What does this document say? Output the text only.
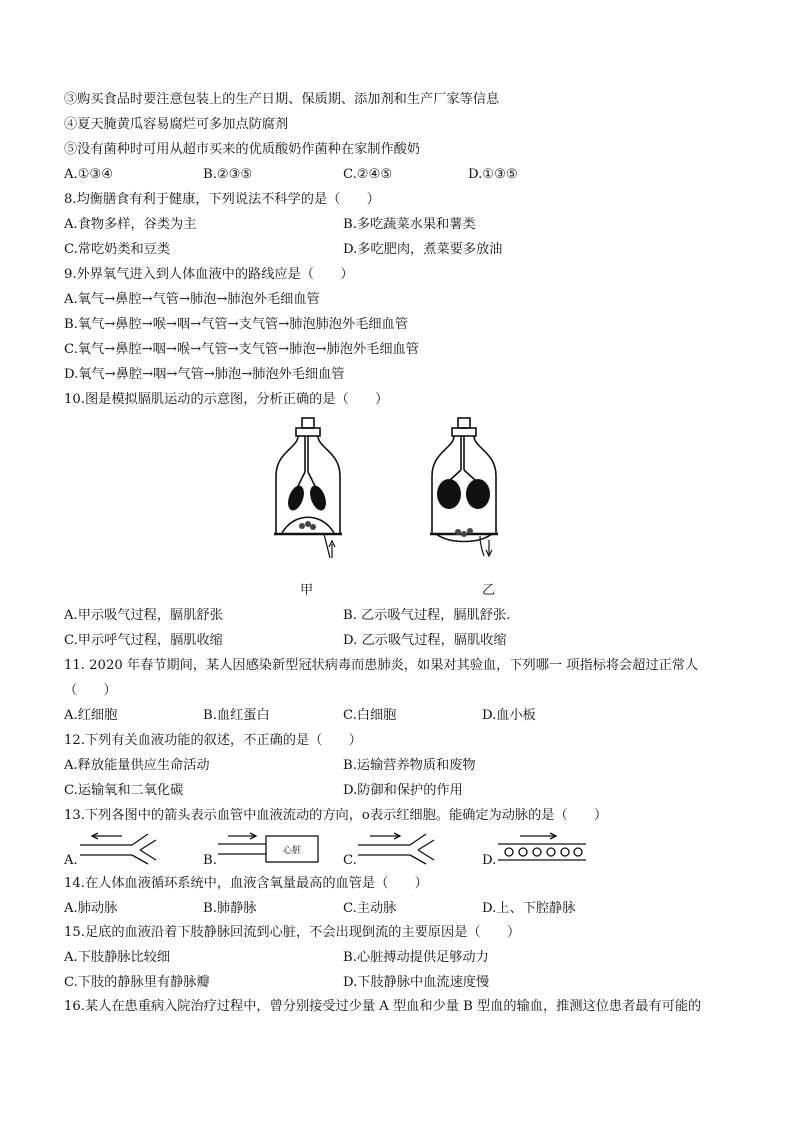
③购买食品时要注意包装上的生产日期、保质期、添加剂和生产厂家等信息
④夏天腌黄瓜容易腐烂可多加点防腐剂
⑤没有菌种时可用从超市买来的优质酸奶作菌种在家制作酸奶
A.①③④	B.②③⑤	C.②④⑤	D.①③⑤
8.均衡膳食有利于健康，下列说法不科学的是（　　）
A.食物多样，谷类为主	B.多吃蔬菜水果和薯类
C.常吃奶类和豆类	D.多吃肥肉，煮菜要多放油
9.外界氧气进入到人体血液中的路线应是（　　）
A.氧气→鼻腔→气管→肺泡→肺泡外毛细血管
B.氧气→鼻腔→喉→咽→气管→支气管→肺泡肺泡外毛细血管
C.氧气→鼻腔→咽→喉→气管→支气管→肺泡→肺泡外毛细血管
D.氧气→鼻腔→咽→气管→肺泡→肺泡外毛细血管
10.图是模拟膈肌运动的示意图，分析正确的是（　　）
甲	乙
A.甲示吸气过程，膈肌舒张	B. 乙示吸气过程，膈肌舒张.
C.甲示呼气过程，膈肌收缩	D. 乙示吸气过程，膈肌收缩
11. 2020 年春节期间，某人因感染新型冠状病毒而患肺炎，如果对其验血，下列哪一 项指标将会超过正常人
（　　）
A.红细胞	B.血红蛋白	C.白细胞	D.血小板
12.下列有关血液功能的叙述，不正确的是（　　）
A.释放能量供应生命活动	B.运输营养物质和废物
C.运输氧和二氧化碳	D.防御和保护的作用
13.下列各图中的箭头表示血管中血液流动的方向，o表示红细胞。能确定为动脉的是（　　）
A.	B.
心脏
C.	D.
14.在人体血液循环系统中，血液含氧量最高的血管是（　　）
A.肺动脉	B.肺静脉	C.主动脉	D.上、下腔静脉
15.足底的血液沿着下肢静脉回流到心脏，不会出现倒流的主要原因是（　　）
A.下肢静脉比较细	B.心脏搏动提供足够动力
C.下肢的静脉里有静脉瓣	D.下肢静脉中血流速度慢
16.某人在患重病入院治疗过程中，曾分别接受过少量 A 型血和少量 B 型血的输血，推测这位患者最有可能的
